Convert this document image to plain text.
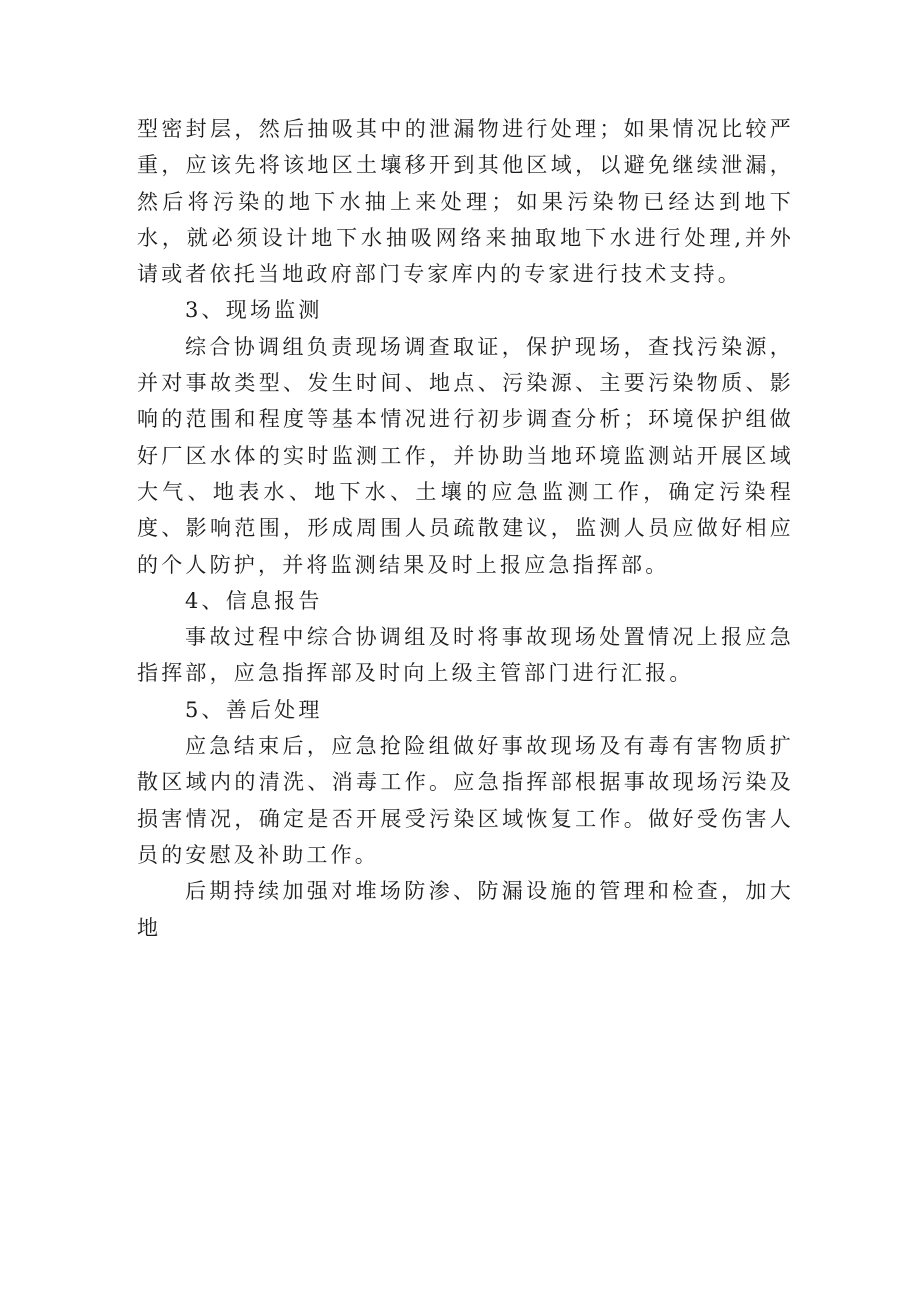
型密封层，然后抽吸其中的泄漏物进行处理；如果情况比较严重，应该先将该地区土壤移开到其他区域，以避免继续泄漏，然后将污染的地下水抽上来处理；如果污染物已经达到地下水，就必须设计地下水抽吸网络来抽取地下水进行处理,并外请或者依托当地政府部门专家库内的专家进行技术支持。

3、现场监测

综合协调组负责现场调查取证，保护现场，查找污染源，并对事故类型、发生时间、地点、污染源、主要污染物质、影响的范围和程度等基本情况进行初步调查分析；环境保护组做好厂区水体的实时监测工作，并协助当地环境监测站开展区域大气、地表水、地下水、土壤的应急监测工作，确定污染程度、影响范围，形成周围人员疏散建议，监测人员应做好相应的个人防护，并将监测结果及时上报应急指挥部。

4、信息报告

事故过程中综合协调组及时将事故现场处置情况上报应急指挥部，应急指挥部及时向上级主管部门进行汇报。

5、善后处理

应急结束后，应急抢险组做好事故现场及有毒有害物质扩散区域内的清洗、消毒工作。应急指挥部根据事故现场污染及损害情况，确定是否开展受污染区域恢复工作。做好受伤害人员的安慰及补助工作。

后期持续加强对堆场防渗、防漏设施的管理和检查，加大地
